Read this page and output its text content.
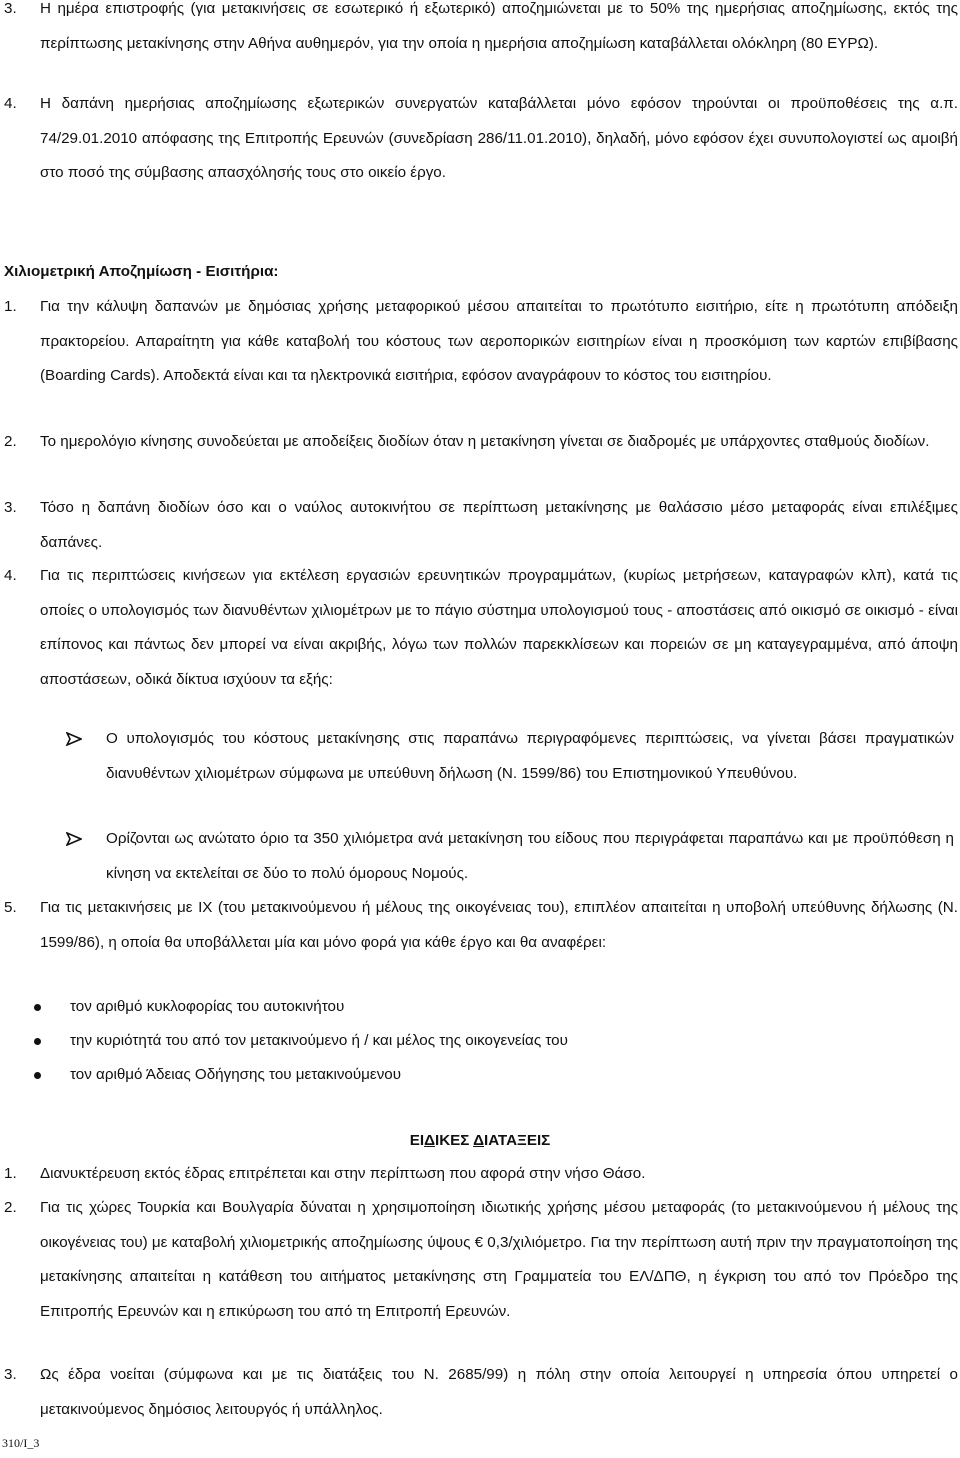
3.	Η ημέρα επιστροφής (για μετακινήσεις σε εσωτερικό ή εξωτερικό) αποζημιώνεται με το 50% της ημερήσιας αποζημίωσης, εκτός της περίπτωσης μετακίνησης στην Αθήνα αυθημερόν, για την οποία η ημερήσια αποζημίωση καταβάλλεται ολόκληρη (80 ΕΥΡΩ).
4.	Η δαπάνη ημερήσιας αποζημίωσης εξωτερικών συνεργατών καταβάλλεται μόνο εφόσον τηρούνται οι προϋποθέσεις της α.π. 74/29.01.2010 απόφασης της Επιτροπής Ερευνών (συνεδρίαση 286/11.01.2010), δηλαδή, μόνο εφόσον έχει συνυπολογιστεί ως αμοιβή στο ποσό της σύμβασης απασχόλησής τους στο οικείο έργο.
Χιλιομετρική Αποζημίωση - Εισιτήρια:
1.	Για την κάλυψη δαπανών με δημόσιας χρήσης μεταφορικού μέσου απαιτείται το πρωτότυπο εισιτήριο, είτε η πρωτότυπη απόδειξη πρακτορείου. Απαραίτητη για κάθε καταβολή του κόστους των αεροπορικών εισιτηρίων είναι η προσκόμιση των καρτών επιβίβασης (Boarding Cards). Αποδεκτά είναι και τα ηλεκτρονικά εισιτήρια, εφόσον αναγράφουν το κόστος του εισιτηρίου.
2.	Το ημερολόγιο κίνησης συνοδεύεται με αποδείξεις διοδίων όταν η μετακίνηση γίνεται σε διαδρομές με υπάρχοντες σταθμούς διοδίων.
3.	Τόσο η δαπάνη διοδίων όσο και ο ναύλος αυτοκινήτου σε περίπτωση μετακίνησης με θαλάσσιο μέσο μεταφοράς είναι επιλέξιμες δαπάνες.
4.	Για τις περιπτώσεις κινήσεων για εκτέλεση εργασιών ερευνητικών προγραμμάτων, (κυρίως μετρήσεων, καταγραφών κλπ), κατά τις οποίες ο υπολογισμός των διανυθέντων χιλιομέτρων με το πάγιο σύστημα υπολογισμού τους - αποστάσεις από οικισμό σε οικισμό - είναι επίπονος και πάντως δεν μπορεί να είναι ακριβής, λόγω των πολλών παρεκκλίσεων και πορειών σε μη καταγεγραμμένα, από άποψη αποστάσεων, οδικά δίκτυα ισχύουν τα εξής:
Ο υπολογισμός του κόστους μετακίνησης στις παραπάνω περιγραφόμενες περιπτώσεις, να γίνεται βάσει πραγματικών διανυθέντων χιλιομέτρων σύμφωνα με υπεύθυνη δήλωση (Ν. 1599/86) του Επιστημονικού Υπευθύνου.
Ορίζονται ως ανώτατο όριο τα 350 χιλιόμετρα ανά μετακίνηση του είδους που περιγράφεται παραπάνω και με προϋπόθεση η κίνηση να εκτελείται σε δύο το πολύ όμορους Νομούς.
5.	Για τις μετακινήσεις με ΙΧ (του μετακινούμενου ή μέλους της οικογένειας του), επιπλέον απαιτείται η υποβολή υπεύθυνης δήλωσης (Ν. 1599/86), η οποία θα υποβάλλεται μία και μόνο φορά για κάθε έργο και θα αναφέρει:
τον αριθμό κυκλοφορίας του αυτοκινήτου
την κυριότητά του από τον μετακινούμενο ή / και μέλος της οικογενείας του
τον αριθμό Άδειας Οδήγησης του μετακινούμενου
ΕΙΔΙΚΕΣ ΔΙΑΤΑΞΕΙΣ
1.	Διανυκτέρευση εκτός έδρας επιτρέπεται και στην περίπτωση που αφορά στην νήσο Θάσο.
2.	Για τις χώρες Τουρκία και Βουλγαρία δύναται η χρησιμοποίηση ιδιωτικής χρήσης μέσου μεταφοράς (το μετακινούμενου ή μέλους της οικογένειας του) με καταβολή χιλιομετρικής αποζημίωσης ύψους € 0,3/χιλιόμετρο. Για την περίπτωση αυτή πριν την πραγματοποίηση της μετακίνησης απαιτείται η κατάθεση του αιτήματος μετακίνησης στη Γραμματεία του ΕΛ/ΔΠΘ, η έγκριση του από τον Πρόεδρο της Επιτροπής Ερευνών και η επικύρωση του από τη Επιτροπή Ερευνών.
3.	Ως έδρα νοείται (σύμφωνα και με τις διατάξεις του Ν. 2685/99) η πόλη στην οποία λειτουργεί η υπηρεσία όπου υπηρετεί ο μετακινούμενος δημόσιος λειτουργός ή υπάλληλος.
310/Ι_3
